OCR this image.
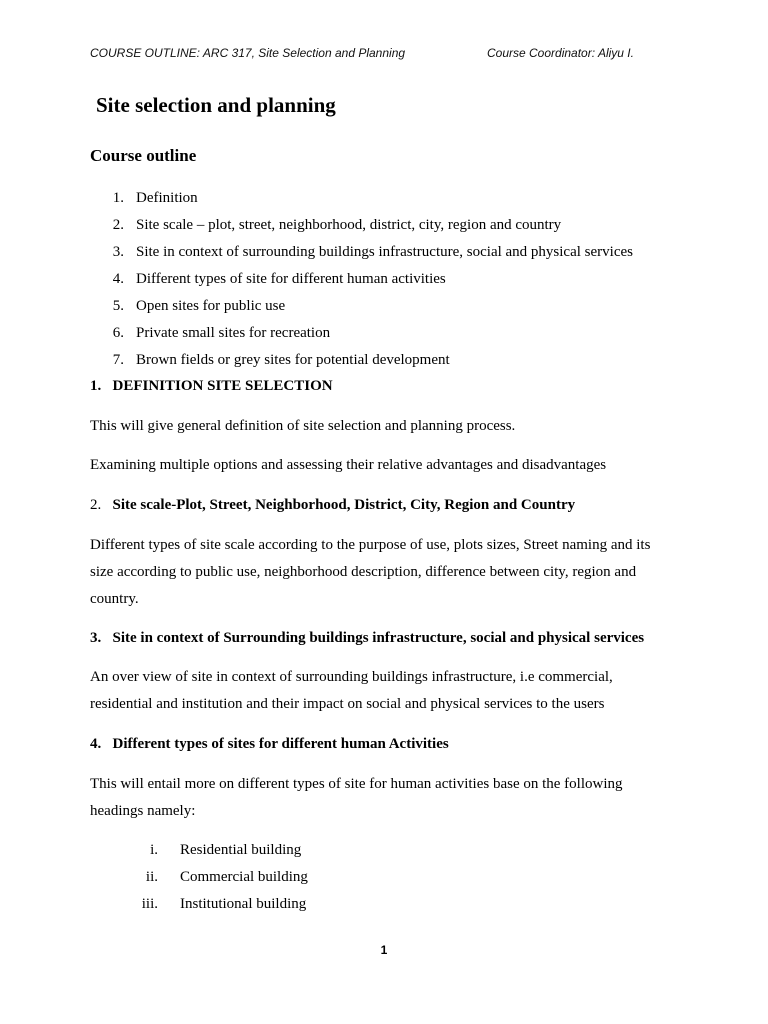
COURSE OUTLINE: ARC 317, Site Selection and Planning	Course Coordinator: Aliyu I.
Site selection and planning
Course outline
1. Definition
2. Site scale – plot, street, neighborhood, district, city, region and country
3. Site in context of surrounding buildings infrastructure, social and physical services
4. Different types of site for different human activities
5. Open sites for public use
6. Private small sites for recreation
7. Brown fields or grey sites for potential development
1. DEFINITION SITE SELECTION
This will give general definition of site selection and planning process.
Examining multiple options and assessing their relative advantages and disadvantages
2. Site scale-Plot, Street, Neighborhood, District, City, Region and Country
Different types of site scale according to the purpose of use, plots sizes, Street naming and its
size according to public use, neighborhood description, difference between city, region and
country.
3. Site in context of Surrounding buildings infrastructure, social and physical services
An over view of site in context of surrounding buildings infrastructure, i.e commercial,
residential and institution and their impact on social and physical services to the users
4. Different types of sites for different human Activities
This will entail more on different types of site for human activities base on the following
headings namely:
i. Residential building
ii. Commercial building
iii. Institutional building
1
